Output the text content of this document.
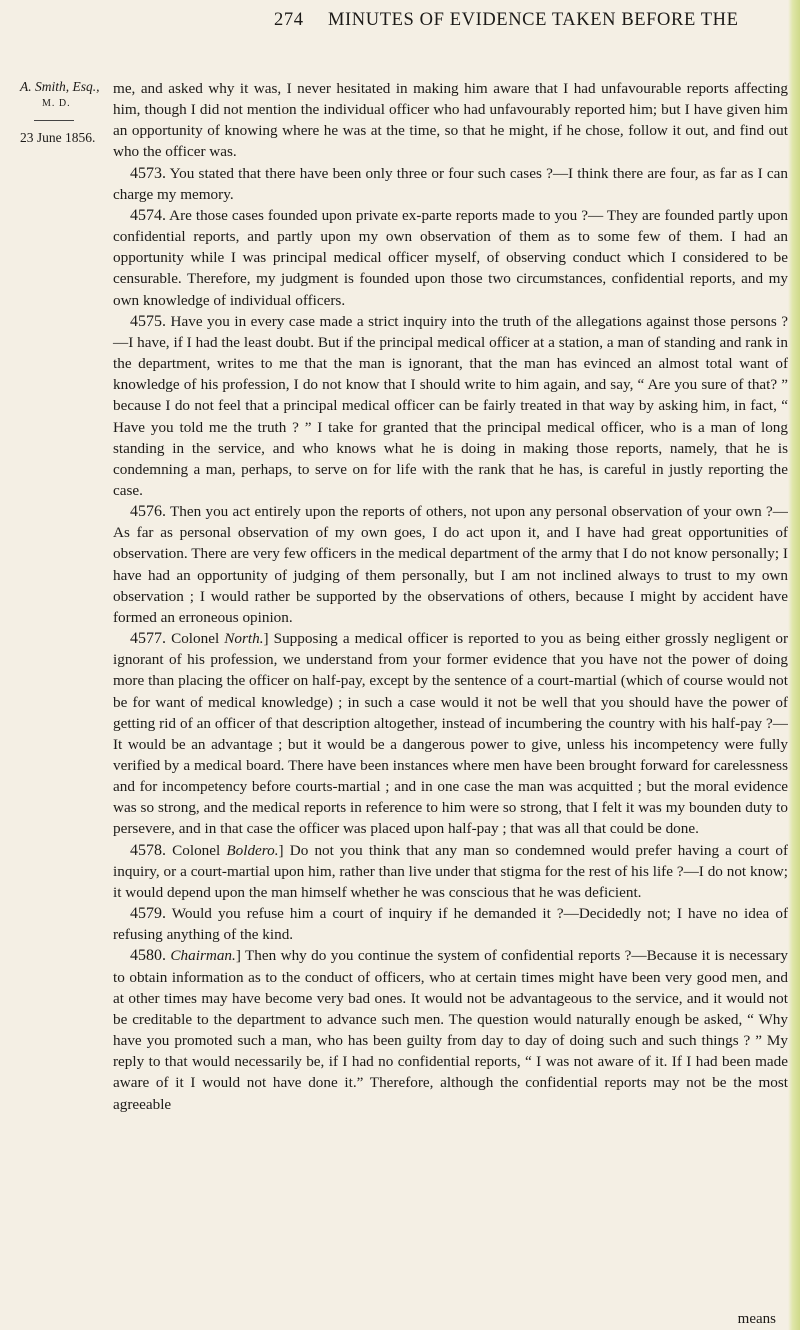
274 MINUTES OF EVIDENCE TAKEN BEFORE THE
A. Smith, Esq.,
M. D.
23 June 1856.

me, and asked why it was, I never hesitated in making him aware that I had unfavourable reports affecting him, though I did not mention the individual officer who had unfavourably reported him; but I have given him an opportunity of knowing where he was at the time, so that he might, if he chose, follow it out, and find out who the officer was.

4573. You stated that there have been only three or four such cases ?—I think there are four, as far as I can charge my memory.

4574. Are those cases founded upon private ex-parte reports made to you ?— They are founded partly upon confidential reports, and partly upon my own observation of them as to some few of them. I had an opportunity while I was principal medical officer myself, of observing conduct which I considered to be censurable. Therefore, my judgment is founded upon those two circumstances, confidential reports, and my own knowledge of individual officers.

4575. Have you in every case made a strict inquiry into the truth of the allegations against those persons ?—I have, if I had the least doubt. But if the principal medical officer at a station, a man of standing and rank in the department, writes to me that the man is ignorant, that the man has evinced an almost total want of knowledge of his profession, I do not know that I should write to him again, and say, “ Are you sure of that? ” because I do not feel that a principal medical officer can be fairly treated in that way by asking him, in fact, “ Have you told me the truth ? ” I take for granted that the principal medical officer, who is a man of long standing in the service, and who knows what he is doing in making those reports, namely, that he is condemning a man, perhaps, to serve on for life with the rank that he has, is careful in justly reporting the case.

4576. Then you act entirely upon the reports of others, not upon any personal observation of your own ?—As far as personal observation of my own goes, I do act upon it, and I have had great opportunities of observation. There are very few officers in the medical department of the army that I do not know personally; I have had an opportunity of judging of them personally, but I am not inclined always to trust to my own observation ; I would rather be supported by the observations of others, because I might by accident have formed an erroneous opinion.

4577. Colonel North.] Supposing a medical officer is reported to you as being either grossly negligent or ignorant of his profession, we understand from your former evidence that you have not the power of doing more than placing the officer on half-pay, except by the sentence of a court-martial (which of course would not be for want of medical knowledge) ; in such a case would it not be well that you should have the power of getting rid of an officer of that description altogether, instead of incumbering the country with his half-pay ?—It would be an advantage ; but it would be a dangerous power to give, unless his incompetency were fully verified by a medical board. There have been instances where men have been brought forward for carelessness and for incompetency before courts-martial ; and in one case the man was acquitted ; but the moral evidence was so strong, and the medical reports in reference to him were so strong, that I felt it was my bounden duty to persevere, and in that case the officer was placed upon half-pay ; that was all that could be done.

4578. Colonel Boldero.] Do not you think that any man so condemned would prefer having a court of inquiry, or a court-martial upon him, rather than live under that stigma for the rest of his life ?—I do not know; it would depend upon the man himself whether he was conscious that he was deficient.

4579. Would you refuse him a court of inquiry if he demanded it ?—Decidedly not; I have no idea of refusing anything of the kind.

4580. Chairman.] Then why do you continue the system of confidential reports ?—Because it is necessary to obtain information as to the conduct of officers, who at certain times might have been very good men, and at other times may have become very bad ones. It would not be advantageous to the service, and it would not be creditable to the department to advance such men. The question would naturally enough be asked, “ Why have you promoted such a man, who has been guilty from day to day of doing such and such things ? ” My reply to that would necessarily be, if I had no confidential reports, “ I was not aware of it. If I had been made aware of it I would not have done it.” Therefore, although the confidential reports may not be the most agreeable

means
